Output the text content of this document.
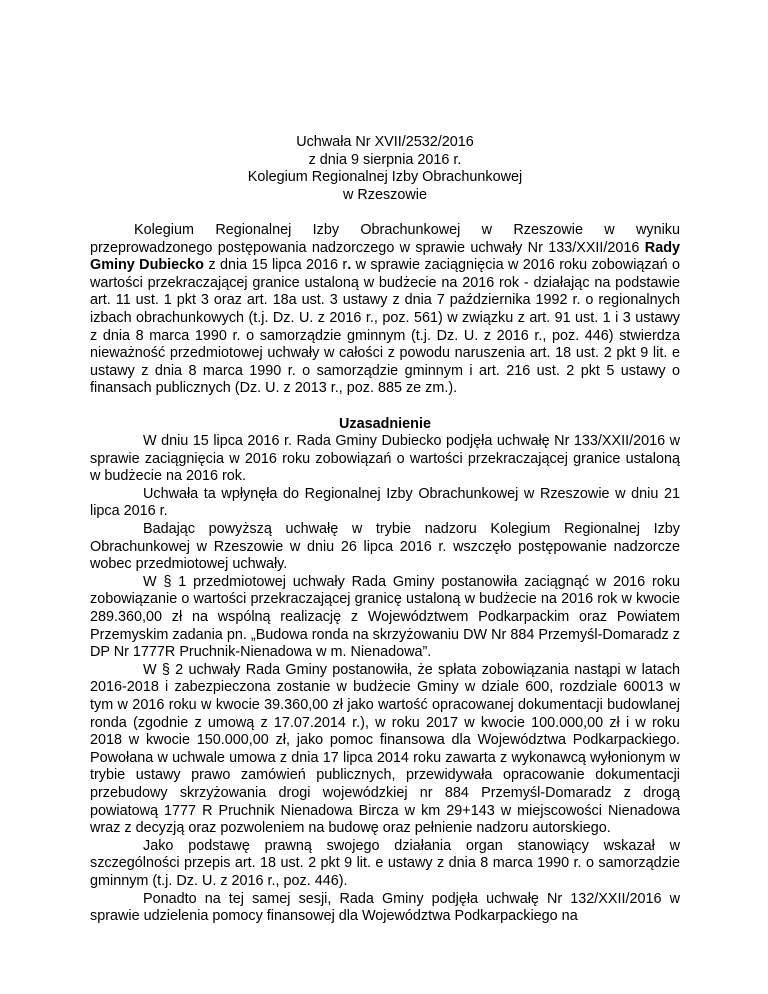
Uchwała Nr XVII/2532/2016
z dnia 9 sierpnia 2016 r.
Kolegium Regionalnej Izby Obrachunkowej
w Rzeszowie

Kolegium Regionalnej Izby Obrachunkowej w Rzeszowie w wyniku przeprowadzonego postępowania nadzorczego w sprawie uchwały Nr 133/XXII/2016 Rady Gminy Dubiecko z dnia 15 lipca 2016 r. w sprawie zaciągnięcia w 2016 roku zobowiązań o wartości przekraczającej granice ustaloną w budżecie na 2016 rok - działając na podstawie art. 11 ust. 1 pkt 3 oraz art. 18a ust. 3 ustawy z dnia 7 października 1992 r. o regionalnych izbach obrachunkowych (t.j. Dz. U. z 2016 r., poz. 561) w związku z art. 91 ust. 1 i 3 ustawy z dnia 8 marca 1990 r. o samorządzie gminnym (t.j. Dz. U. z 2016 r., poz. 446) stwierdza nieważność przedmiotowej uchwały w całości z powodu naruszenia art. 18 ust. 2 pkt 9 lit. e ustawy z dnia 8 marca 1990 r. o samorządzie gminnym i art. 216 ust. 2 pkt 5 ustawy o finansach publicznych (Dz. U. z 2013 r., poz. 885 ze zm.).

Uzasadnienie

W dniu 15 lipca 2016 r. Rada Gminy Dubiecko podjęła uchwałę Nr 133/XXII/2016 w sprawie zaciągnięcia w 2016 roku zobowiązań o wartości przekraczającej granice ustaloną w budżecie na 2016 rok.

Uchwała ta wpłynęła do Regionalnej Izby Obrachunkowej w Rzeszowie w dniu 21 lipca 2016 r.

Badając powyższą uchwałę w trybie nadzoru Kolegium Regionalnej Izby Obrachunkowej w Rzeszowie w dniu 26 lipca 2016 r. wszczęło postępowanie nadzorcze wobec przedmiotowej uchwały.

W § 1 przedmiotowej uchwały Rada Gminy postanowiła zaciągnąć w 2016 roku zobowiązanie o wartości przekraczającej granicę ustaloną w budżecie na 2016 rok w kwocie 289.360,00 zł na wspólną realizację z Województwem Podkarpackim oraz Powiatem Przemyskim zadania pn. „Budowa ronda na skrzyżowaniu DW Nr 884 Przemyśl-Domaradz z DP Nr 1777R Pruchnik-Nienadowa w m. Nienadowa”.

W § 2 uchwały Rada Gminy postanowiła, że spłata zobowiązania nastąpi w latach 2016-2018 i zabezpieczona zostanie w budżecie Gminy w dziale 600, rozdziale 60013 w tym w 2016 roku w kwocie 39.360,00 zł jako wartość opracowanej dokumentacji budowlanej ronda (zgodnie z umową z 17.07.2014 r.), w roku 2017 w kwocie 100.000,00 zł i w roku 2018 w kwocie 150.000,00 zł, jako pomoc finansowa dla Województwa Podkarpackiego. Powołana w uchwale umowa z dnia 17 lipca 2014 roku zawarta z wykonawcą wyłonionym w trybie ustawy prawo zamówień publicznych, przewidywała opracowanie dokumentacji przebudowy skrzyżowania drogi wojewódzkiej nr 884 Przemyśl-Domaradz z drogą powiatową 1777 R Pruchnik Nienadowa Bircza w km 29+143 w miejscowości Nienadowa wraz z decyzją oraz pozwoleniem na budowę oraz pełnienie nadzoru autorskiego.

Jako podstawę prawną swojego działania organ stanowiący wskazał w szczególności przepis art. 18 ust. 2 pkt 9 lit. e ustawy z dnia 8 marca 1990 r. o samorządzie gminnym (t.j. Dz. U. z 2016 r., poz. 446).

Ponadto na tej samej sesji, Rada Gminy podjęła uchwałę Nr 132/XXII/2016 w sprawie udzielenia pomocy finansowej dla Województwa Podkarpackiego na
